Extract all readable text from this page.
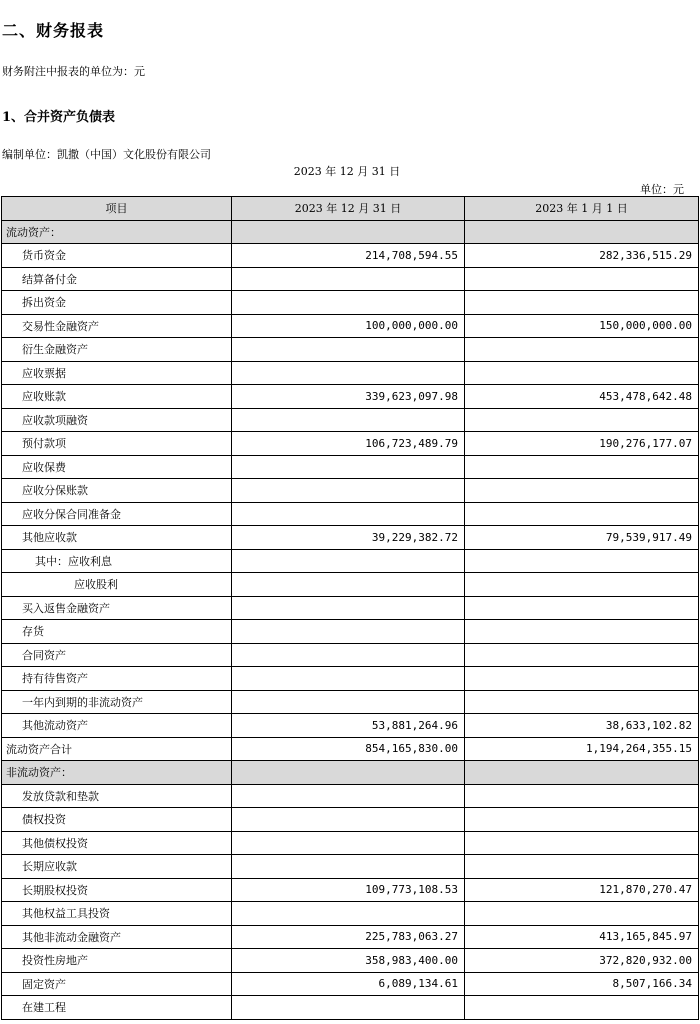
二、财务报表
财务附注中报表的单位为：元
1、合并资产负债表
编制单位：凯撒（中国）文化股份有限公司
2023 年 12 月 31 日
单位：元
项目	2023 年 12 月 31 日	2023 年 1 月 1 日
流动资产：		
货币资金	214,708,594.55	282,336,515.29
结算备付金		
拆出资金		
交易性金融资产	100,000,000.00	150,000,000.00
衍生金融资产		
应收票据		
应收账款	339,623,097.98	453,478,642.48
应收款项融资		
预付款项	106,723,489.79	190,276,177.07
应收保费		
应收分保账款		
应收分保合同准备金		
其他应收款	39,229,382.72	79,539,917.49
其中：应收利息		
应收股利		
买入返售金融资产		
存货		
合同资产		
持有待售资产		
一年内到期的非流动资产		
其他流动资产	53,881,264.96	38,633,102.82
流动资产合计	854,165,830.00	1,194,264,355.15
非流动资产：		
发放贷款和垫款		
债权投资		
其他债权投资		
长期应收款		
长期股权投资	109,773,108.53	121,870,270.47
其他权益工具投资		
其他非流动金融资产	225,783,063.27	413,165,845.97
投资性房地产	358,983,400.00	372,820,932.00
固定资产	6,089,134.61	8,507,166.34
在建工程		
